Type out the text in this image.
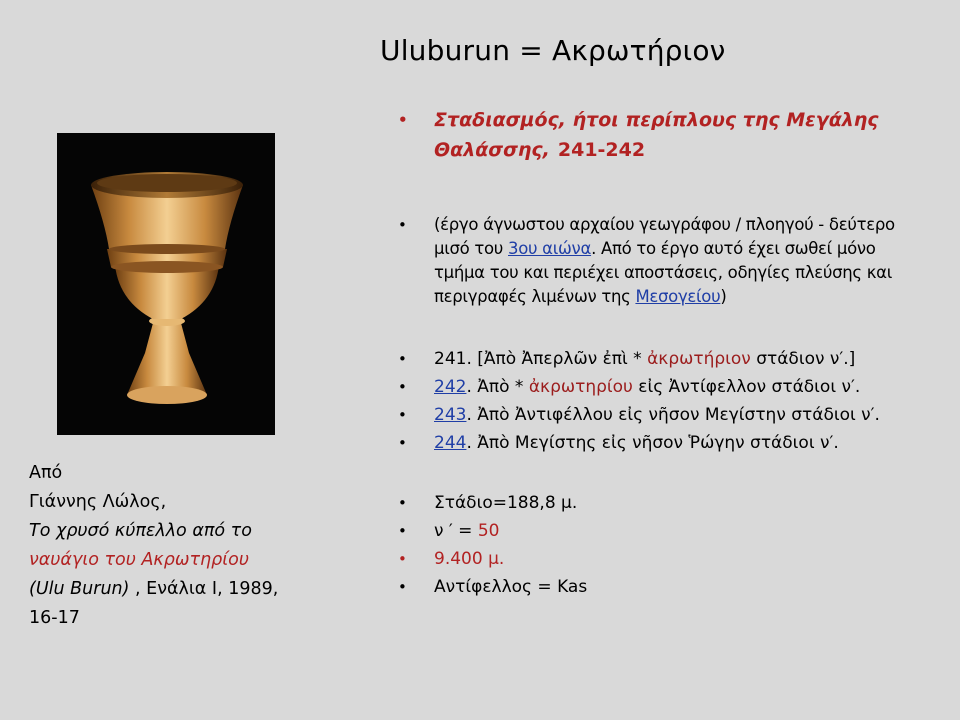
Uluburun = Ακρωτήριον
Από
Γιάννης Λώλος,
Το χρυσό κύπελλο από το
ναυάγιο του Ακρωτηρίου
(Ulu Burun) , Ενάλια Ι, 1989,
16-17
• Σταδιασμός, ήτοι περίπλους της Μεγάλης Θαλάσσης, 241-242
• (έργο άγνωστου αρχαίου γεωγράφου / πλοηγού - δεύτερο μισό του 3ου αιώνα. Από το έργο αυτό έχει σωθεί μόνο τμήμα του και περιέχει αποστάσεις, οδηγίες πλεύσης και περιγραφές λιμένων της Μεσογείου)
• 241. [Ἀπὸ Ἀπερλῶν ἐπὶ * ἀκρωτήριον στάδιον ν′.]
• 242. Ἀπὸ * ἀκρωτηρίου εἰς Ἀντίφελλον στάδιοι ν′.
• 243. Ἀπὸ Ἀντιφέλλου εἰς νῆσον Μεγίστην στάδιοι ν′.
• 244. Ἀπὸ Μεγίστης εἰς νῆσον Ῥώγην στάδιοι ν′.
• Στάδιο=188,8 μ.
• ν ′ = 50
• 9.400 μ.
• Αντίφελλος = Kas
